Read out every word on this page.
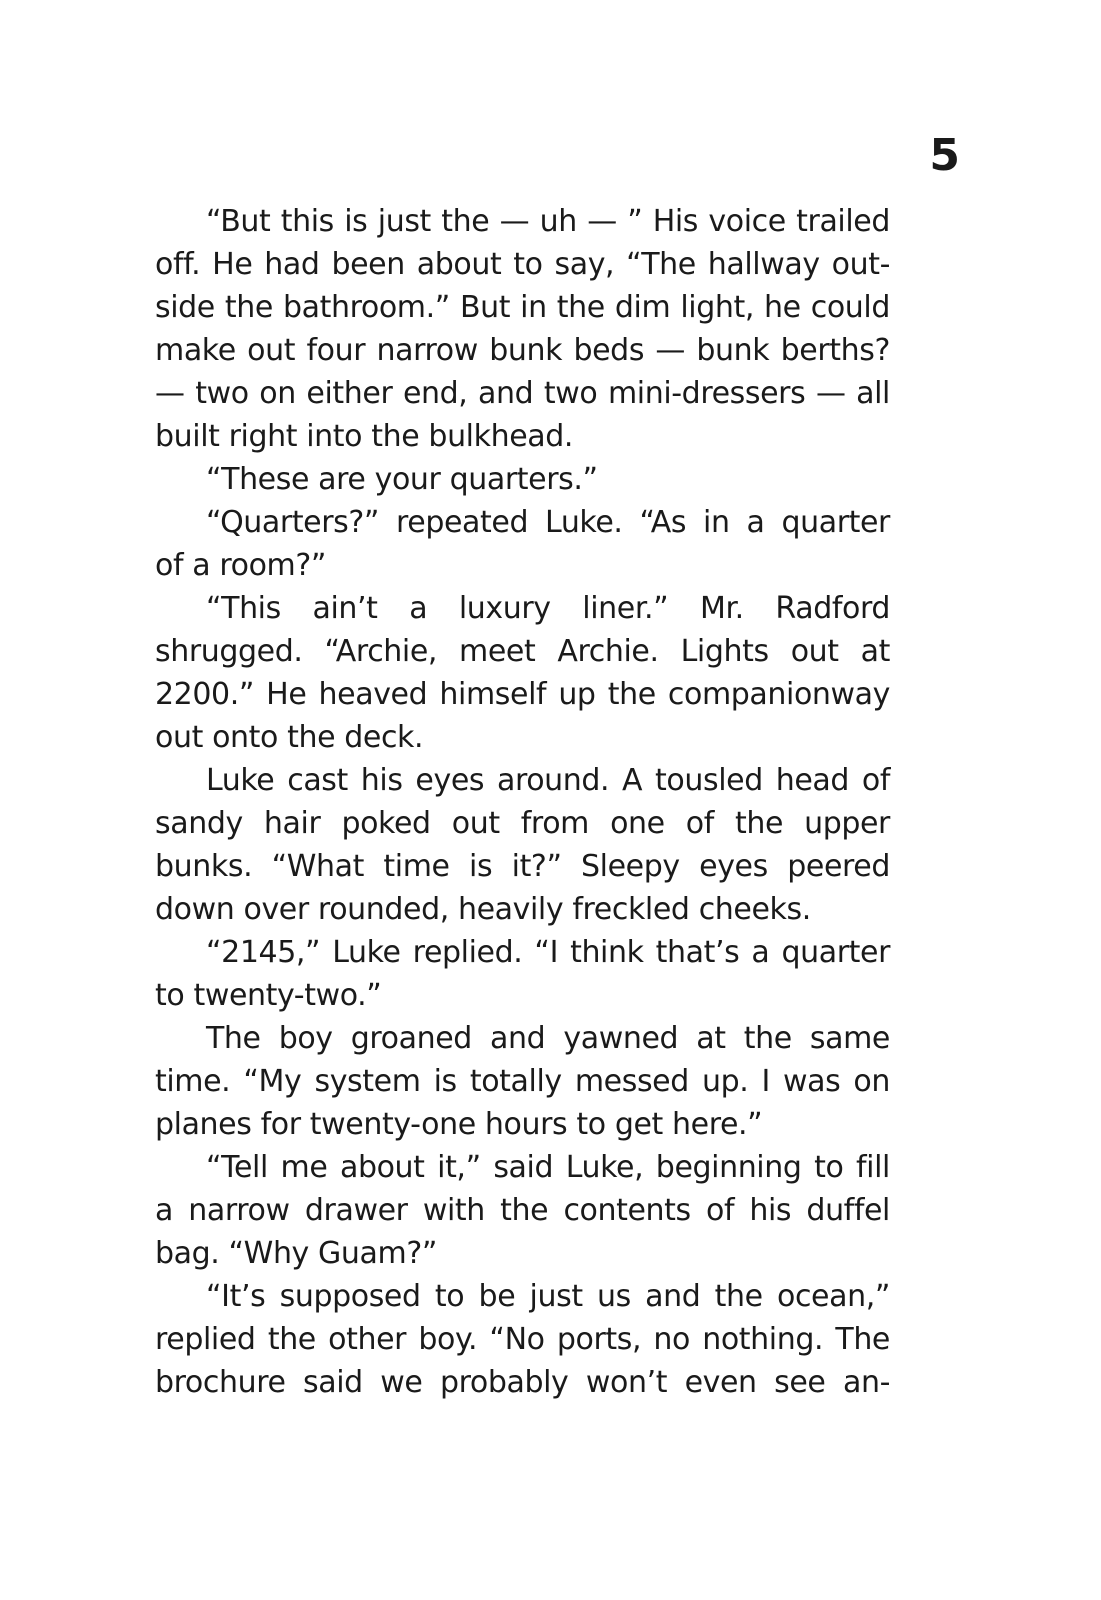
5
“But this is just the — uh — ” His voice trailed
off. He had been about to say, “The hallway out-
side the bathroom.” But in the dim light, he could
make out four narrow bunk beds — bunk berths?
— two on either end, and two mini-dressers — all
built right into the bulkhead.
“These are your quarters.”
“Quarters?” repeated Luke. “As in a quarter
of a room?”
“This ain’t a luxury liner.” Mr. Radford
shrugged. “Archie, meet Archie. Lights out at
2200.” He heaved himself up the companionway
out onto the deck.
Luke cast his eyes around. A tousled head of
sandy hair poked out from one of the upper
bunks. “What time is it?” Sleepy eyes peered
down over rounded, heavily freckled cheeks.
“2145,” Luke replied. “I think that’s a quarter
to twenty-two.”
The boy groaned and yawned at the same
time. “My system is totally messed up. I was on
planes for twenty-one hours to get here.”
“Tell me about it,” said Luke, beginning to fill
a narrow drawer with the contents of his duffel
bag. “Why Guam?”
“It’s supposed to be just us and the ocean,”
replied the other boy. “No ports, no nothing. The
brochure said we probably won’t even see an-
